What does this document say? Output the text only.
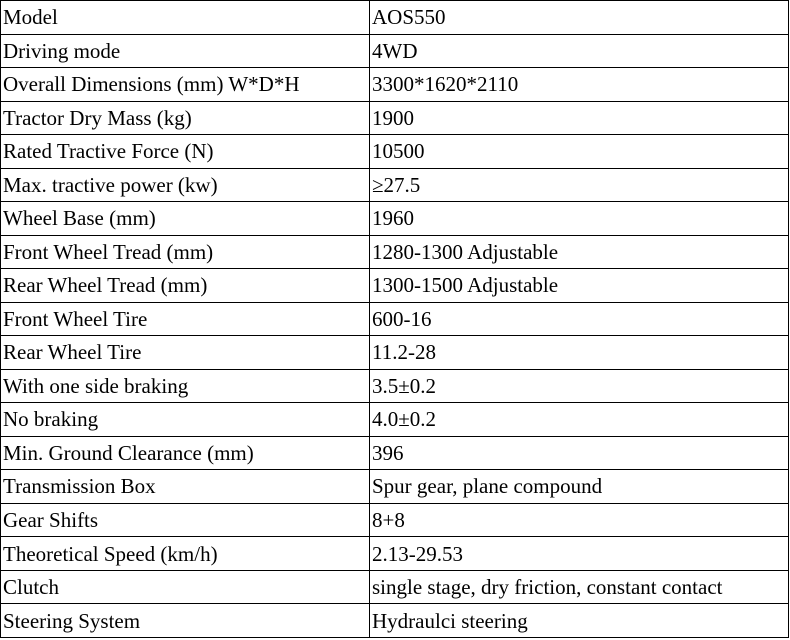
Model	AOS550
Driving mode	4WD
Overall Dimensions (mm) W*D*H	3300*1620*2110
Tractor Dry Mass (kg)	1900
Rated Tractive Force (N)	10500
Max. tractive power (kw)	≥27.5
Wheel Base (mm)	1960
Front Wheel Tread (mm)	1280-1300 Adjustable
Rear Wheel Tread (mm)	1300-1500 Adjustable
Front Wheel Tire	600-16
Rear Wheel Tire	11.2-28
With one side braking	3.5±0.2
No braking	4.0±0.2
Min. Ground Clearance (mm)	396
Transmission Box	Spur gear, plane compound
Gear Shifts	8+8
Theoretical Speed (km/h)	2.13-29.53
Clutch	single stage, dry friction, constant contact
Steering System	Hydraulci steering
